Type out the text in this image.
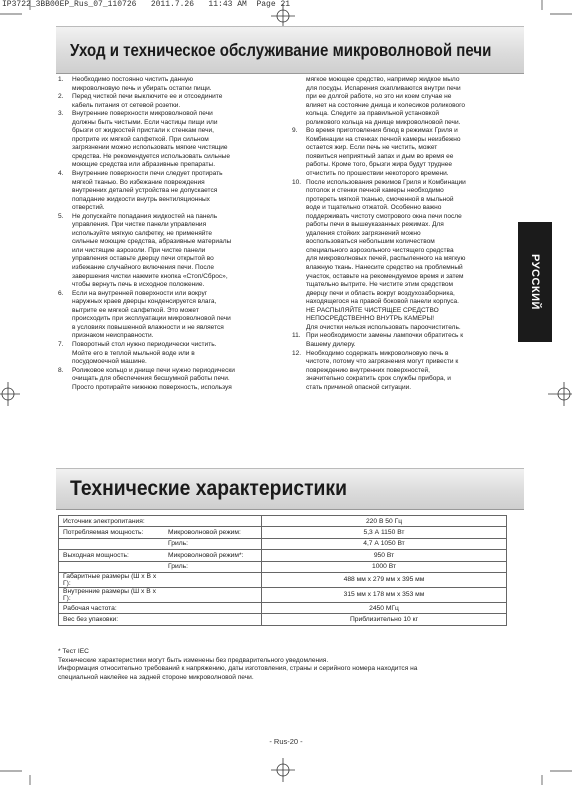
IP3722_3BB00EP_Rus_07_110726   2011.7.26   11:43 AM  Page 21
Уход и техническое обслуживание микроволновой печи
1. Необходимо постоянно чистить данную
микроволновую печь и убирать остатки пищи.
2. Перед чисткой печи выключите ее и отсоедините
кабель питания от сетевой розетки.
3. Внутренние поверхности микроволновой печи
должны быть чистыми. Если частицы пищи или
брызги от жидкостей пристали к стенкам печи,
протрите их мягкой салфеткой. При сильном
загрязнении можно использовать мягкие чистящие
средства. Не рекомендуется использовать сильные
моющие средства или абразивные препараты.
4. Внутренние поверхности печи следует протирать
мягкой тканью. Во избежание повреждения
внутренних деталей устройства не допускается
попадание жидкости внутрь вентиляционных
отверстий.
5. Не допускайте попадания жидкостей на панель
управления. При чистке панели управления
используйте мягкую салфетку, не применяйте
сильные моющие средства, абразивные материалы
или чистящие аэрозоли. При чистке панели
управления оставьте дверцу печи открытой во
избежание случайного включения печи. После
завершения чистки нажмите кнопка «Стоп/Сброс»,
чтобы вернуть печь в исходное положение.
6. Если на внутренней поверхности или вокруг
наружных краев дверцы конденсируется влага,
вытрите ее мягкой салфеткой. Это может
происходить при эксплуатации микроволновой печи
в условиях повышенной влажности и не является
признаком неисправности.
7. Поворотный стол нужно периодически чистить.
Мойте его в теплой мыльной воде или в
посудомоечной машине.
8. Роликовое кольцо и днище печи нужно периодически
очищать для обеспечения бесшумной работы печи.
Просто протирайте нижнюю поверхность, используя
мягкое моющее средство, например жидкое мыло
для посуды. Испарения скапливаются внутри печи
при ее долгой работе, но это ни коем случае не
влияет на состояние днища и колесиков роликового
кольца. Следите за правильной установкой
роликового кольца на днище микроволновой печи.
9. Во время приготовления блюд в режимах Гриля и
Комбинации на стенках печной камеры неизбежно
остается жир. Если печь не чистить, может
появиться неприятный запах и дым во время ее
работы. Кроме того, брызги жира будут труднее
отчистить по прошествии некоторого времени.
10. После использования режимов Гриля и Комбинации
потолок и стенки печной камеры необходимо
протереть мягкой тканью, смоченной в мыльной
воде и тщательно отжатой. Особенно важно
поддерживать чистоту смотрового окна печи после
работы печи в вышеуказанных режимах. Для
удаления стойких загрязнений можно
воспользоваться небольшим количеством
специального аэрозольного чистящего средства
для микроволновых печей, распыленного на мягкую
влажную ткань. Нанесите средство на проблемный
участок, оставьте на рекомендуемое время и затем
тщательно вытрите. Не чистите этим средством
дверцу печи и область вокруг воздухозаборника,
находящегося на правой боковой панели корпуса.
НЕ РАСПЫЛЯЙТЕ ЧИСТЯЩЕЕ СРЕДСТВО
НЕПОСРЕДСТВЕННО ВНУТРЬ КАМЕРЫ!
Для очистки нельзя использовать пароочиститель.
11. При необходимости замены лампочки обратитесь к
Вашему дилеру.
12. Необходимо содержать микроволновую печь в
чистоте, потому что загрязнения могут привести к
повреждению внутренних поверхностей,
значительно сократить срок службы прибора, и
стать причиной опасной ситуации.
РУССКИЙ
Технические характеристики
Источник электропитания:		220 В 50 Гц
Потребляемая мощность:	Микроволновой режим:	5,3 А 1150 Вт
	Гриль:	4,7 А 1050 Вт
Выходная мощность:	Микроволновой режим*:	950 Вт
	Гриль:	1000 Вт
Габаритные размеры (Ш x В x Г):		488 мм x 279 мм x 395 мм
Внутренние размеры (Ш x В x Г):		315 мм x 178 мм x 353 мм
Рабочая частота:		2450 МГц
Вес без упаковки:		Приблизительно 10 кг

* Тест IEC

Технические характеристики могут быть изменены без предварительного уведомления.

Информация относительно требований к напряжению, даты изготовления, страны и серийного номера находится на

специальной наклейке на задней стороне микроволновой печи.

- Rus-20 -
